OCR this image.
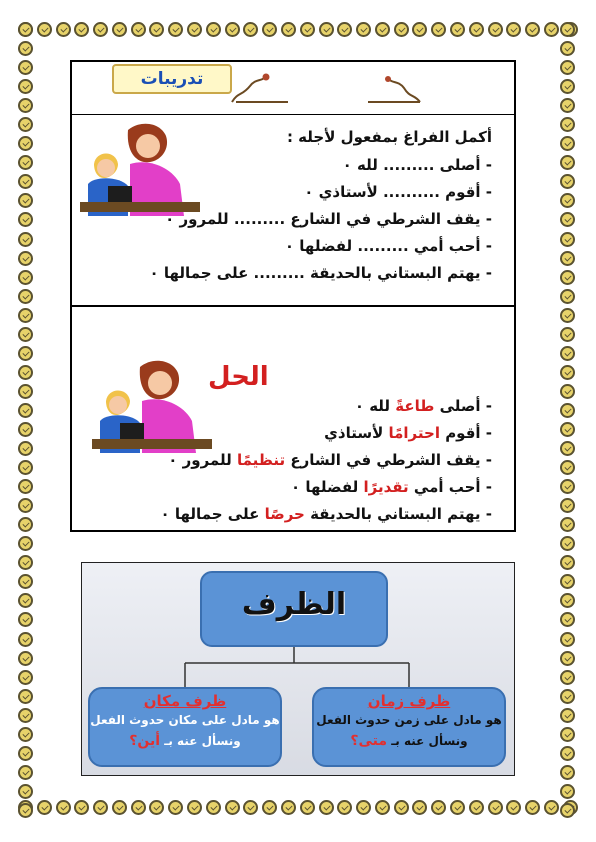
تدريبات
أكمل الفراغ بمفعول لأجله :
- أصلى ......... لله ٠
- أقوم .......... لأستاذي ٠
- يقف الشرطي في الشارع ......... للمرور ٠
- أحب أمي ......... لفضلها ٠
- يهتم البستاني بالحديقة ......... على جمالها ٠
الحل
- أصلى طاعةً لله ٠
- أقوم احترامًا لأستاذي
- يقف الشرطي في الشارع تنظيمًا للمرور ٠
- أحب أمي تقديرًا لفضلها ٠
- يهتم البستاني بالحديقة حرصًا على جمالها ٠
الظرف
ظرف مكان
هو مادل على مكان حدوث الفعل
ونسأل عنه بـ أين؟
ظرف زمان
هو مادل على زمن حدوث الفعل
ونسأل عنه بـ متى؟
